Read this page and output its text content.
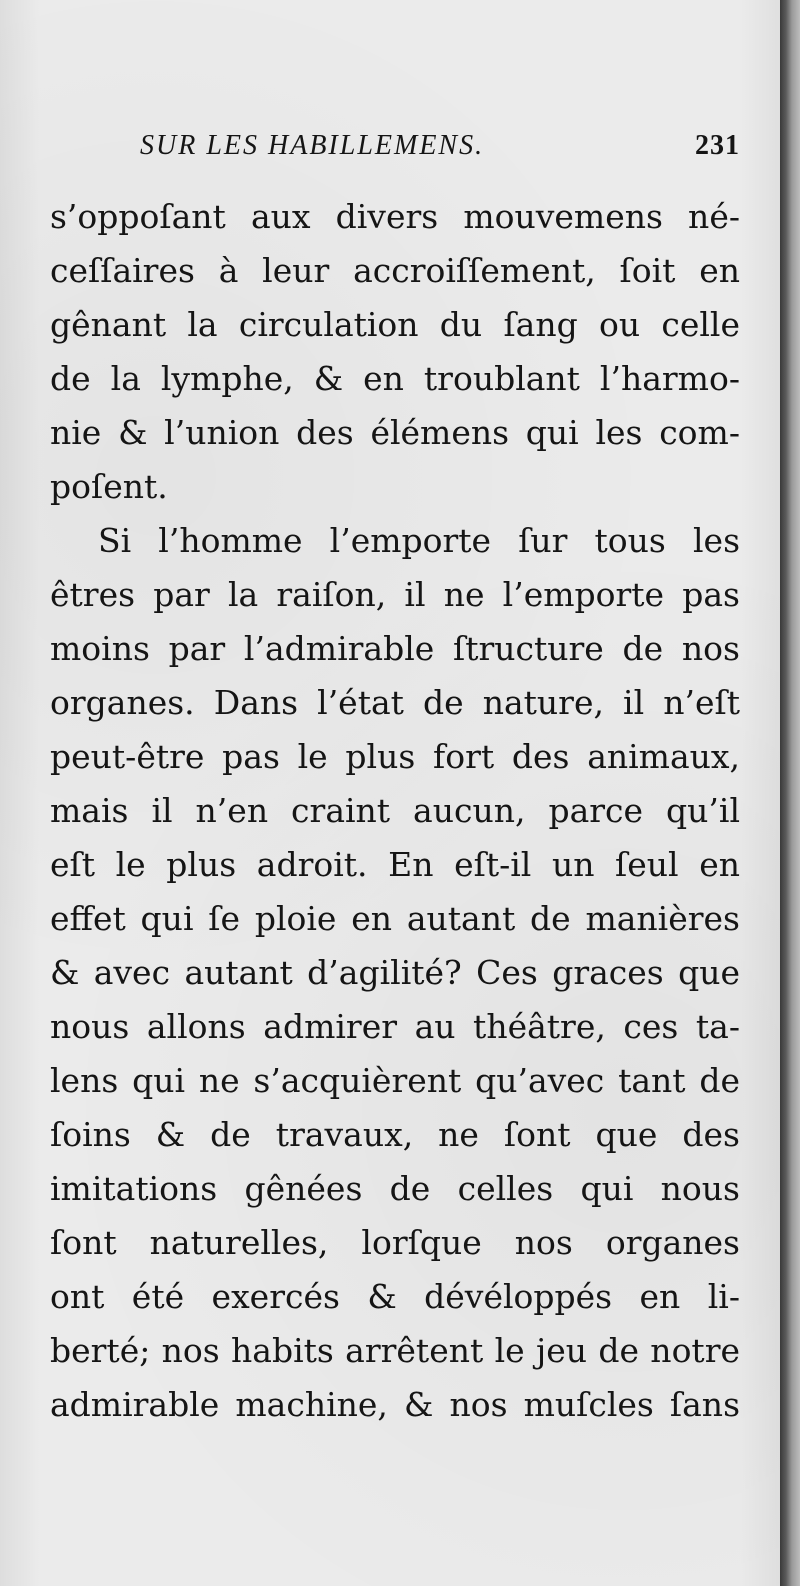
SUR LES HABILLEMENS.	231
s’oppoſant aux divers mouvemens né-
ceſſaires à leur accroiſſement, ſoit en
gênant la circulation du ſang ou celle
de la lymphe, & en troublant l’harmo-
nie & l’union des élémens qui les com-
poſent.
Si l’homme l’emporte ſur tous les
êtres par la raiſon, il ne l’emporte pas
moins par l’admirable ſtructure de nos
organes. Dans l’état de nature, il n’eſt
peut-être pas le plus fort des animaux,
mais il n’en craint aucun, parce qu’il
eſt le plus adroit. En eſt-il un ſeul en
effet qui ſe ploie en autant de manières
& avec autant d’agilité? Ces graces que
nous allons admirer au théâtre, ces ta-
lens qui ne s’acquièrent qu’avec tant de
ſoins & de travaux, ne ſont que des
imitations gênées de celles qui nous
ſont naturelles, lorſque nos organes
ont été exercés & dévéloppés en li-
berté; nos habits arrêtent le jeu de notre
admirable machine, & nos muſcles ſans
